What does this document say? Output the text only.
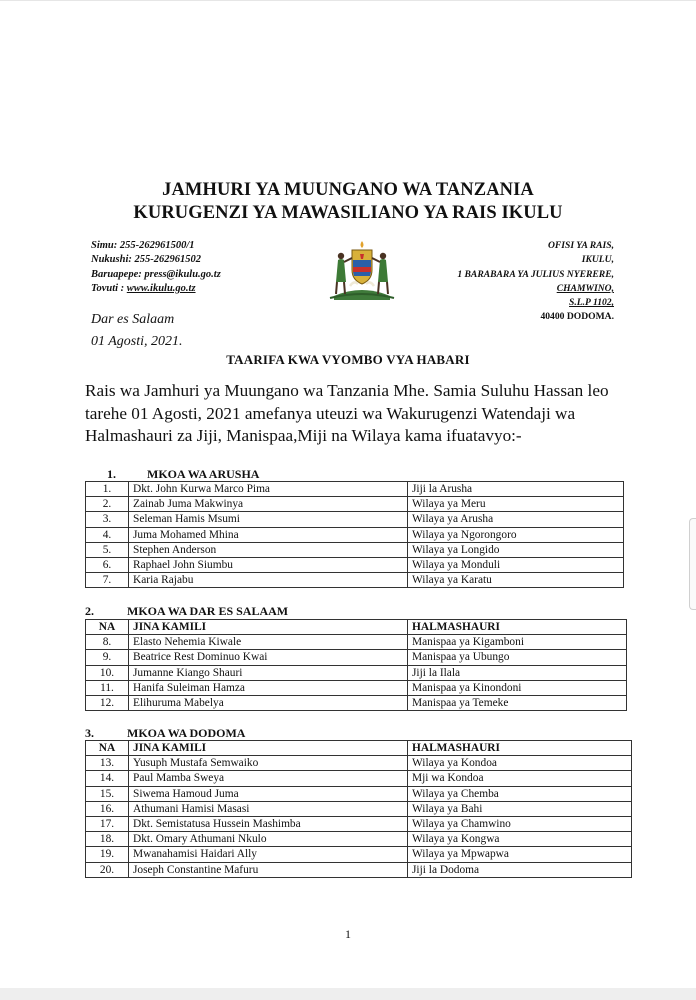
JAMHURI YA MUUNGANO WA TANZANIA
KURUGENZI YA MAWASILIANO YA RAIS IKULU
Simu: 255-262961500/1
Nukushi: 255-262961502
Baruapepe: press@ikulu.go.tz
Tovuti : www.ikulu.go.tz
OFISI YA RAIS,
IKULU,
1 BARABARA YA JULIUS NYERERE,
CHAMWINO,
S.L.P 1102,
40400 DODOMA.
Dar es Salaam
01 Agosti, 2021.
TAARIFA KWA VYOMBO VYA HABARI
Rais wa Jamhuri ya Muungano wa Tanzania Mhe. Samia Suluhu Hassan leo tarehe 01 Agosti, 2021 amefanya uteuzi wa Wakurugenzi Watendaji wa Halmashauri za Jiji, Manispaa,Miji na Wilaya kama ifuatavyo:-
1.	MKOA WA ARUSHA
1.	Dkt. John Kurwa Marco Pima	Jiji la Arusha
2.	Zainab Juma Makwinya	Wilaya ya Meru
3.	Seleman Hamis Msumi	Wilaya ya Arusha
4.	Juma Mohamed Mhina	Wilaya ya Ngorongoro
5.	Stephen Anderson	Wilaya ya Longido
6.	Raphael John Siumbu	Wilaya ya Monduli
7.	Karia Rajabu	Wilaya ya Karatu
2.	MKOA WA DAR ES SALAAM
NA	JINA KAMILI	HALMASHAURI
8.	Elasto Nehemia Kiwale	Manispaa ya Kigamboni
9.	Beatrice Rest Dominuo Kwai	Manispaa ya Ubungo
10.	Jumanne Kiango Shauri	Jiji la Ilala
11.	Hanifa Suleiman Hamza	Manispaa ya Kinondoni
12.	Elihuruma Mabelya	Manispaa ya Temeke
3.	MKOA WA DODOMA
NA	JINA KAMILI	HALMASHAURI
13.	Yusuph Mustafa Semwaiko	Wilaya ya Kondoa
14.	Paul Mamba Sweya	Mji wa Kondoa
15.	Siwema Hamoud Juma	Wilaya ya Chemba
16.	Athumani Hamisi Masasi	Wilaya ya Bahi
17.	Dkt. Semistatusa Hussein Mashimba	Wilaya ya Chamwino
18.	Dkt. Omary Athumani Nkulo	Wilaya ya Kongwa
19.	Mwanahamisi Haidari Ally	Wilaya ya Mpwapwa
20.	Joseph Constantine Mafuru	Jiji la Dodoma
1
